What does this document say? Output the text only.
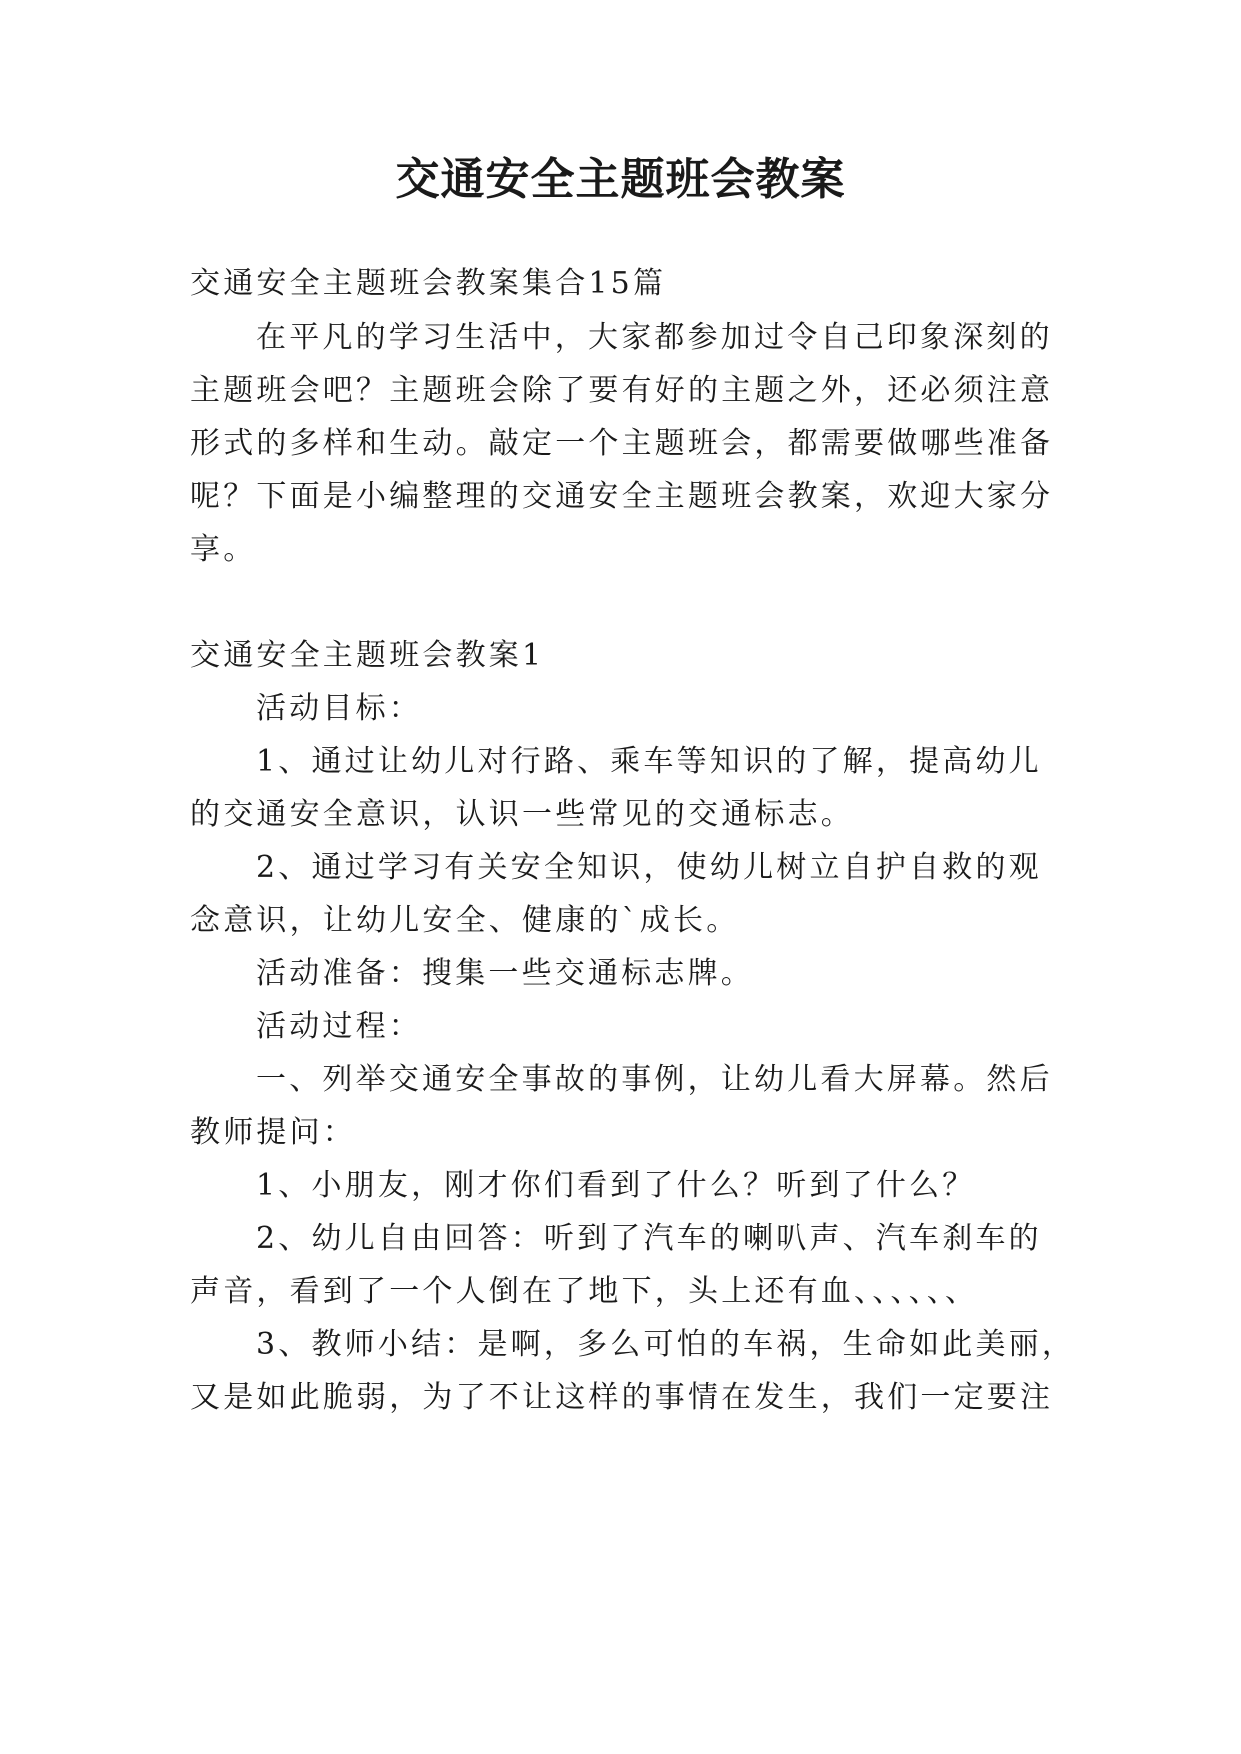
交通安全主题班会教案
交通安全主题班会教案集合15篇
在平凡的学习生活中，大家都参加过令自己印象深刻的
主题班会吧？主题班会除了要有好的主题之外，还必须注意
形式的多样和生动。敲定一个主题班会，都需要做哪些准备
呢？下面是小编整理的交通安全主题班会教案，欢迎大家分
享。
交通安全主题班会教案1
活动目标：
1、通过让幼儿对行路、乘车等知识的了解，提高幼儿
的交通安全意识，认识一些常见的交通标志。
2、通过学习有关安全知识，使幼儿树立自护自救的观
念意识，让幼儿安全、健康的`成长。
活动准备：搜集一些交通标志牌。
活动过程：
一、列举交通安全事故的事例，让幼儿看大屏幕。然后
教师提问：
1、小朋友，刚才你们看到了什么？听到了什么？
2、幼儿自由回答：听到了汽车的喇叭声、汽车刹车的
声音，看到了一个人倒在了地下，头上还有血、、、、、、
3、教师小结：是啊，多么可怕的车祸，生命如此美丽，
又是如此脆弱，为了不让这样的事情在发生，我们一定要注
